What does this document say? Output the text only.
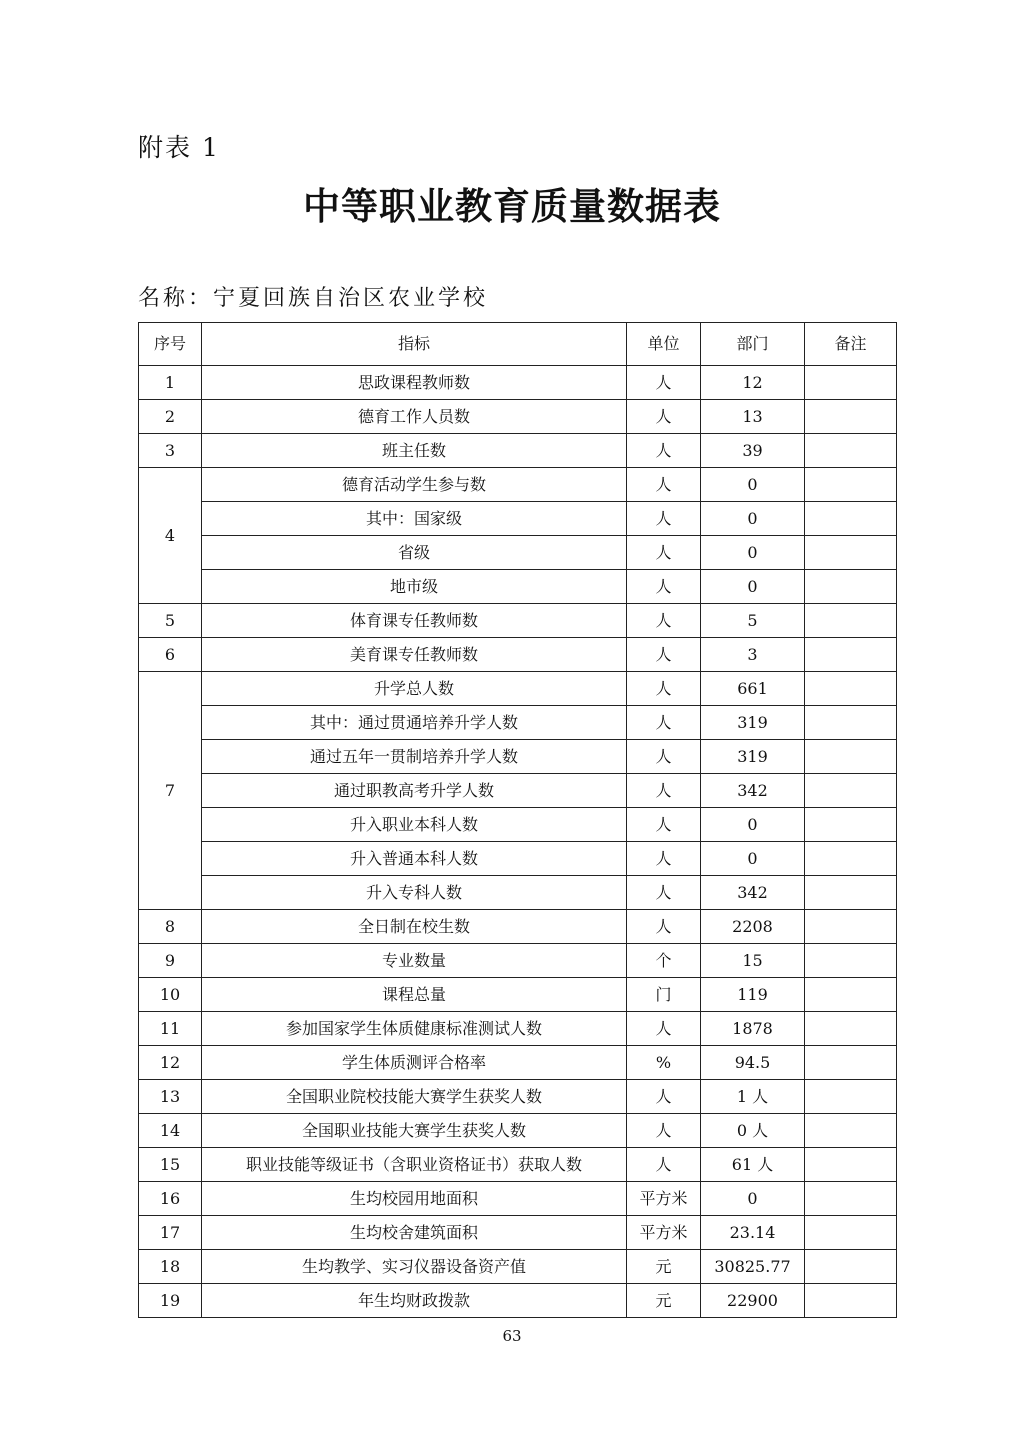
附表 1
中等职业教育质量数据表
名称：宁夏回族自治区农业学校
序号	指标	单位	部门	备注
1	思政课程教师数	人	12	
2	德育工作人员数	人	13	
3	班主任数	人	39	
4	德育活动学生参与数	人	0	
	其中：国家级	人	0	
	省级	人	0	
	地市级	人	0	
5	体育课专任教师数	人	5	
6	美育课专任教师数	人	3	
7	升学总人数	人	661	
	其中：通过贯通培养升学人数	人	319	
	通过五年一贯制培养升学人数	人	319	
	通过职教高考升学人数	人	342	
	升入职业本科人数	人	0	
	升入普通本科人数	人	0	
	升入专科人数	人	342	
8	全日制在校生数	人	2208	
9	专业数量	个	15	
10	课程总量	门	119	
11	参加国家学生体质健康标准测试人数	人	1878	
12	学生体质测评合格率	%	94.5	
13	全国职业院校技能大赛学生获奖人数	人	1 人	
14	全国职业技能大赛学生获奖人数	人	0 人	
15	职业技能等级证书（含职业资格证书）获取人数	人	61 人	
16	生均校园用地面积	平方米	0	
17	生均校舍建筑面积	平方米	23.14	
18	生均教学、实习仪器设备资产值	元	30825.77	
19	年生均财政拨款	元	22900	
63
